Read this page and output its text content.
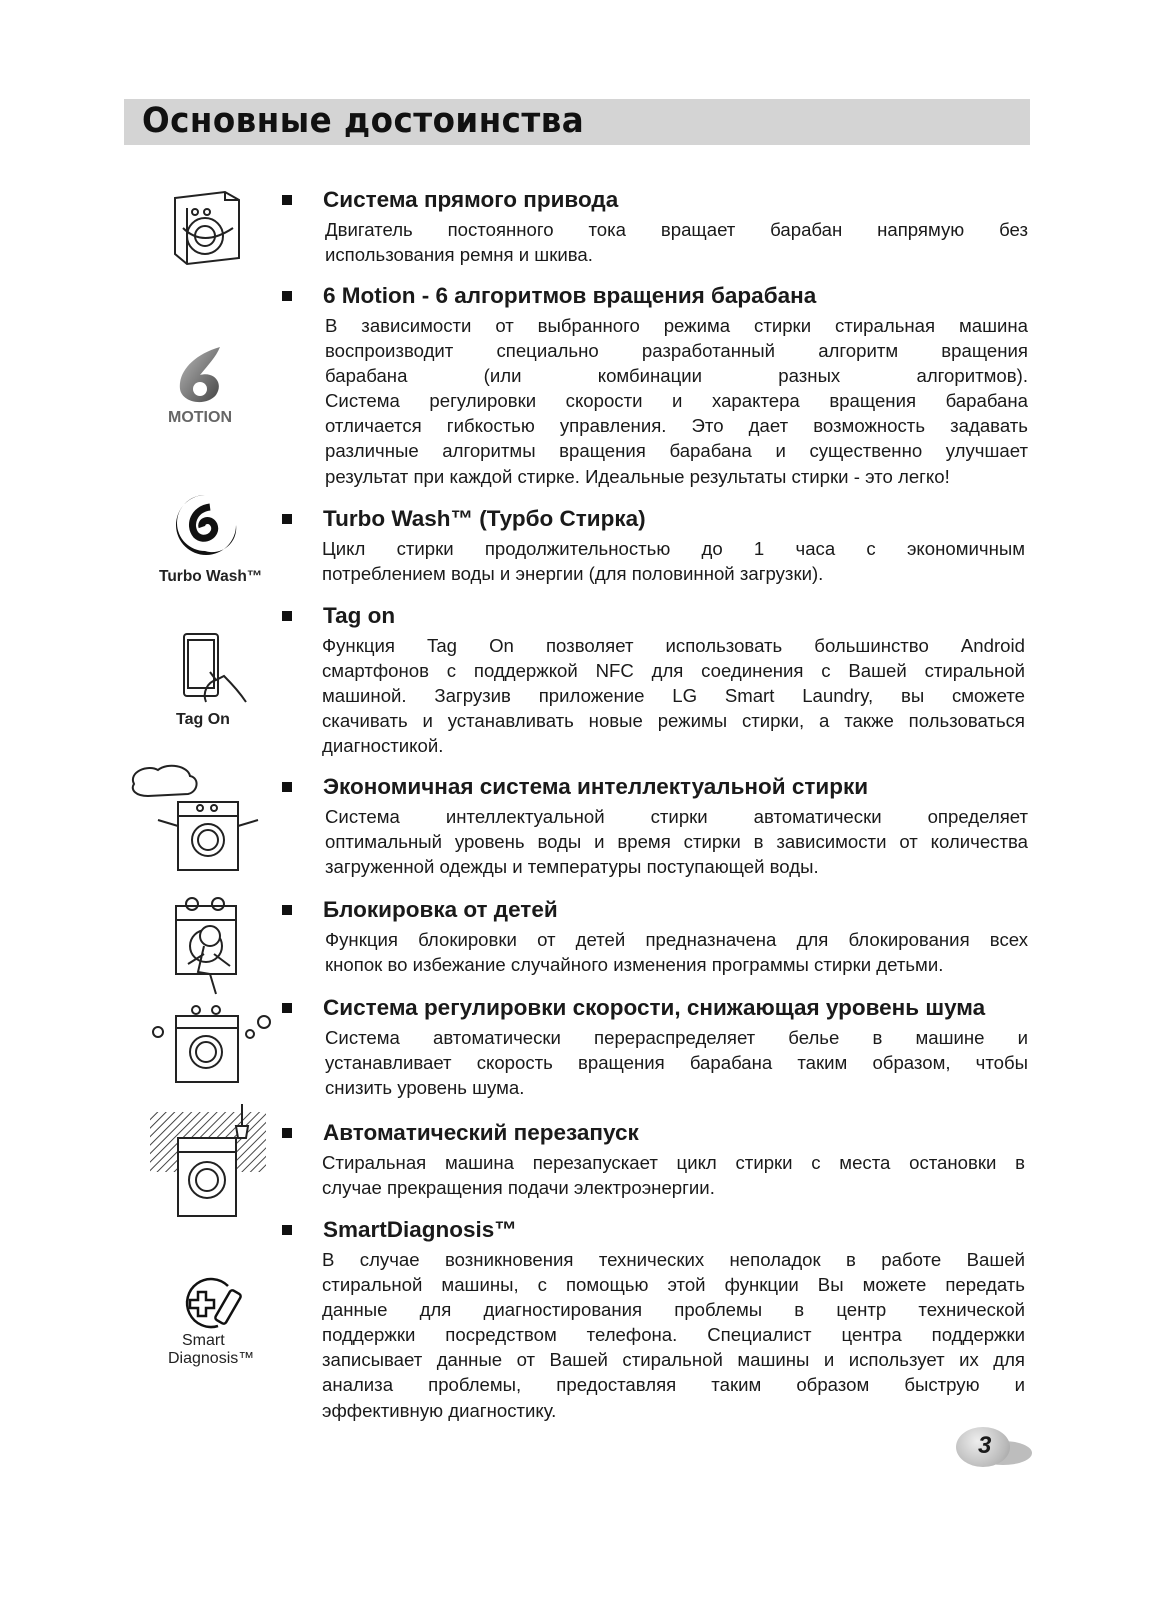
Основные достоинства
Система прямого привода
Двигатель постоянного тока вращает барабан напрямую без
использования ремня и шкива.
6 Motion - 6 алгоритмов вращения барабана
В зависимости от выбранного режима стирки стиральная машина
воспроизводит специально разработанный алгоритм вращения
барабана (или комбинации разных алгоритмов).
Система регулировки скорости и характера вращения барабана
отличается гибкостью управления. Это дает возможность задавать
различные алгоритмы вращения барабана и существенно улучшает
результат при каждой стирке. Идеальные результаты стирки - это легко!
Turbo Wash™ (Турбо Стирка)
Цикл стирки продолжительностью до 1 часа с экономичным
потреблением воды и энергии (для половинной загрузки).
Tag on
Функция Tag On позволяет использовать большинство Android
смартфонов с поддержкой NFC для соединения с Вашей стиральной
машиной. Загрузив приложение LG Smart Laundry, вы сможете
скачивать и устанавливать новые режимы стирки, а также пользоваться
диагностикой.
Экономичная система интеллектуальной стирки
Система интеллектуальной стирки автоматически определяет
оптимальный уровень воды и время стирки в зависимости от количества
загруженной одежды и температуры поступающей воды.
Блокировка от детей
Функция блокировки от детей предназначена для блокирования всех
кнопок во избежание случайного изменения программы стирки детьми.
Система регулировки скорости, снижающая уровень шума
Система автоматически перераспределяет белье в машине и
устанавливает скорость вращения барабана таким образом, чтобы
снизить уровень шума.
Автоматический перезапуск
Стиральная машина перезапускает цикл стирки с места остановки в
случае прекращения подачи электроэнергии.
SmartDiagnosis™
В случае возникновения технических неполадок в работе Вашей
стиральной машины, с помощью этой функции Вы можете передать
данные для диагностирования проблемы в центр технической
поддержки посредством телефона. Специалист центра поддержки
записывает данные от Вашей стиральной машины и использует их для
анализа проблемы, предоставляя таким образом быструю и
эффективную диагностику.
MOTION
Turbo Wash™
Tag On
Smart
Diagnosis™
3
